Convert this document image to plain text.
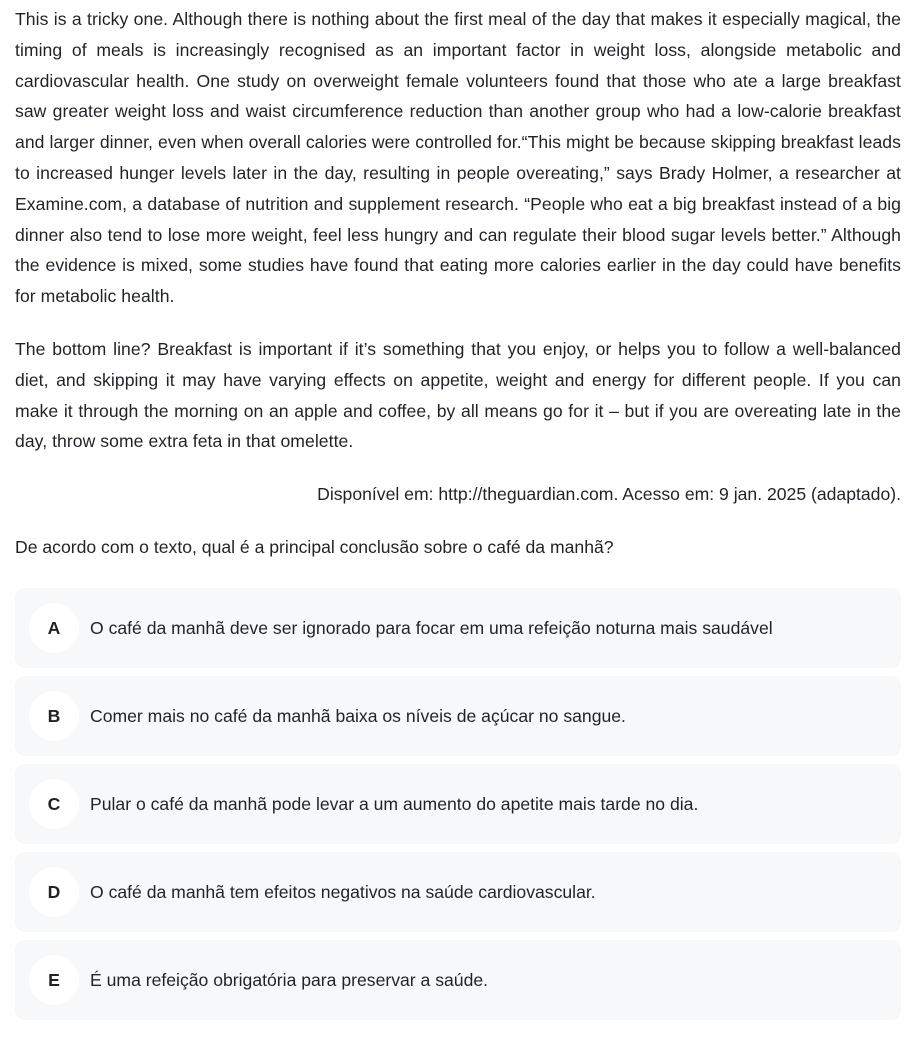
This is a tricky one. Although there is nothing about the first meal of the day that makes it especially magical, the timing of meals is increasingly recognised as an important factor in weight loss, alongside metabolic and cardiovascular health. One study on overweight female volunteers found that those who ate a large breakfast saw greater weight loss and waist circumference reduction than another group who had a low-calorie breakfast and larger dinner, even when overall calories were controlled for.“This might be because skipping breakfast leads to increased hunger levels later in the day, resulting in people overeating,” says Brady Holmer, a researcher at Examine.com, a database of nutrition and supplement research. “People who eat a big breakfast instead of a big dinner also tend to lose more weight, feel less hungry and can regulate their blood sugar levels better.” Although the evidence is mixed, some studies have found that eating more calories earlier in the day could have benefits for metabolic health.

The bottom line? Breakfast is important if it’s something that you enjoy, or helps you to follow a well-balanced diet, and skipping it may have varying effects on appetite, weight and energy for different people. If you can make it through the morning on an apple and coffee, by all means go for it – but if you are overeating late in the day, throw some extra feta in that omelette.

Disponível em: http://theguardian.com. Acesso em: 9 jan. 2025 (adaptado).

De acordo com o texto, qual é a principal conclusão sobre o café da manhã?

A	O café da manhã deve ser ignorado para focar em uma refeição noturna mais saudável
B	Comer mais no café da manhã baixa os níveis de açúcar no sangue.
C	Pular o café da manhã pode levar a um aumento do apetite mais tarde no dia.
D	O café da manhã tem efeitos negativos na saúde cardiovascular.
E	É uma refeição obrigatória para preservar a saúde.
